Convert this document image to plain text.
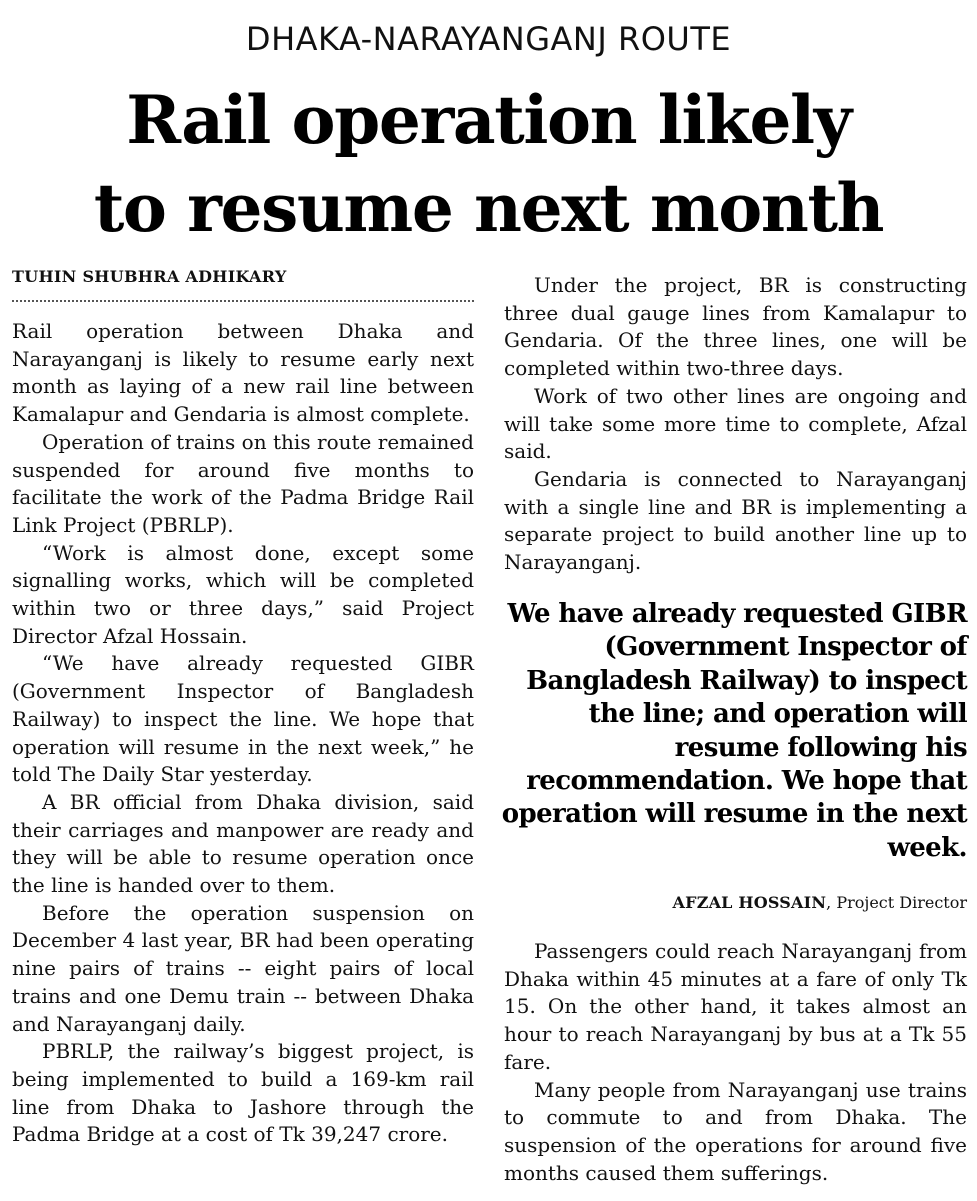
DHAKA-NARAYANGANJ ROUTE
Rail operation likely
to resume next month
TUHIN SHUBHRA ADHIKARY

Rail operation between Dhaka and Narayanganj is likely to resume early next month as laying of a new rail line between Kamalapur and Gendaria is almost complete.

Operation of trains on this route remained suspended for around five months to facilitate the work of the Padma Bridge Rail Link Project (PBRLP).

“Work is almost done, except some signalling works, which will be completed within two or three days,” said Project Director Afzal Hossain.

“We have already requested GIBR (Government Inspector of Bangladesh Railway) to inspect the line. We hope that operation will resume in the next week,” he told The Daily Star yesterday.

A BR official from Dhaka division, said their carriages and manpower are ready and they will be able to resume operation once the line is handed over to them.

Before the operation suspension on December 4 last year, BR had been operating nine pairs of trains -- eight pairs of local trains and one Demu train -- between Dhaka and Narayanganj daily.

PBRLP, the railway’s biggest project, is being implemented to build a 169-km rail line from Dhaka to Jashore through the Padma Bridge at a cost of Tk 39,247 crore.

Under the project, BR is constructing three dual gauge lines from Kamalapur to Gendaria. Of the three lines, one will be completed within two-three days.

Work of two other lines are ongoing and will take some more time to complete, Afzal said.

Gendaria is connected to Narayanganj with a single line and BR is implementing a separate project to build another line up to Narayanganj.

We have already requested GIBR (Government Inspector of Bangladesh Railway) to inspect the line; and operation will resume following his recommendation. We hope that operation will resume in the next week.
AFZAL HOSSAIN, Project Director

Passengers could reach Narayanganj from Dhaka within 45 minutes at a fare of only Tk 15. On the other hand, it takes almost an hour to reach Narayanganj by bus at a Tk 55 fare.

Many people from Narayanganj use trains to commute to and from Dhaka. The suspension of the operations for around five months caused them sufferings.
